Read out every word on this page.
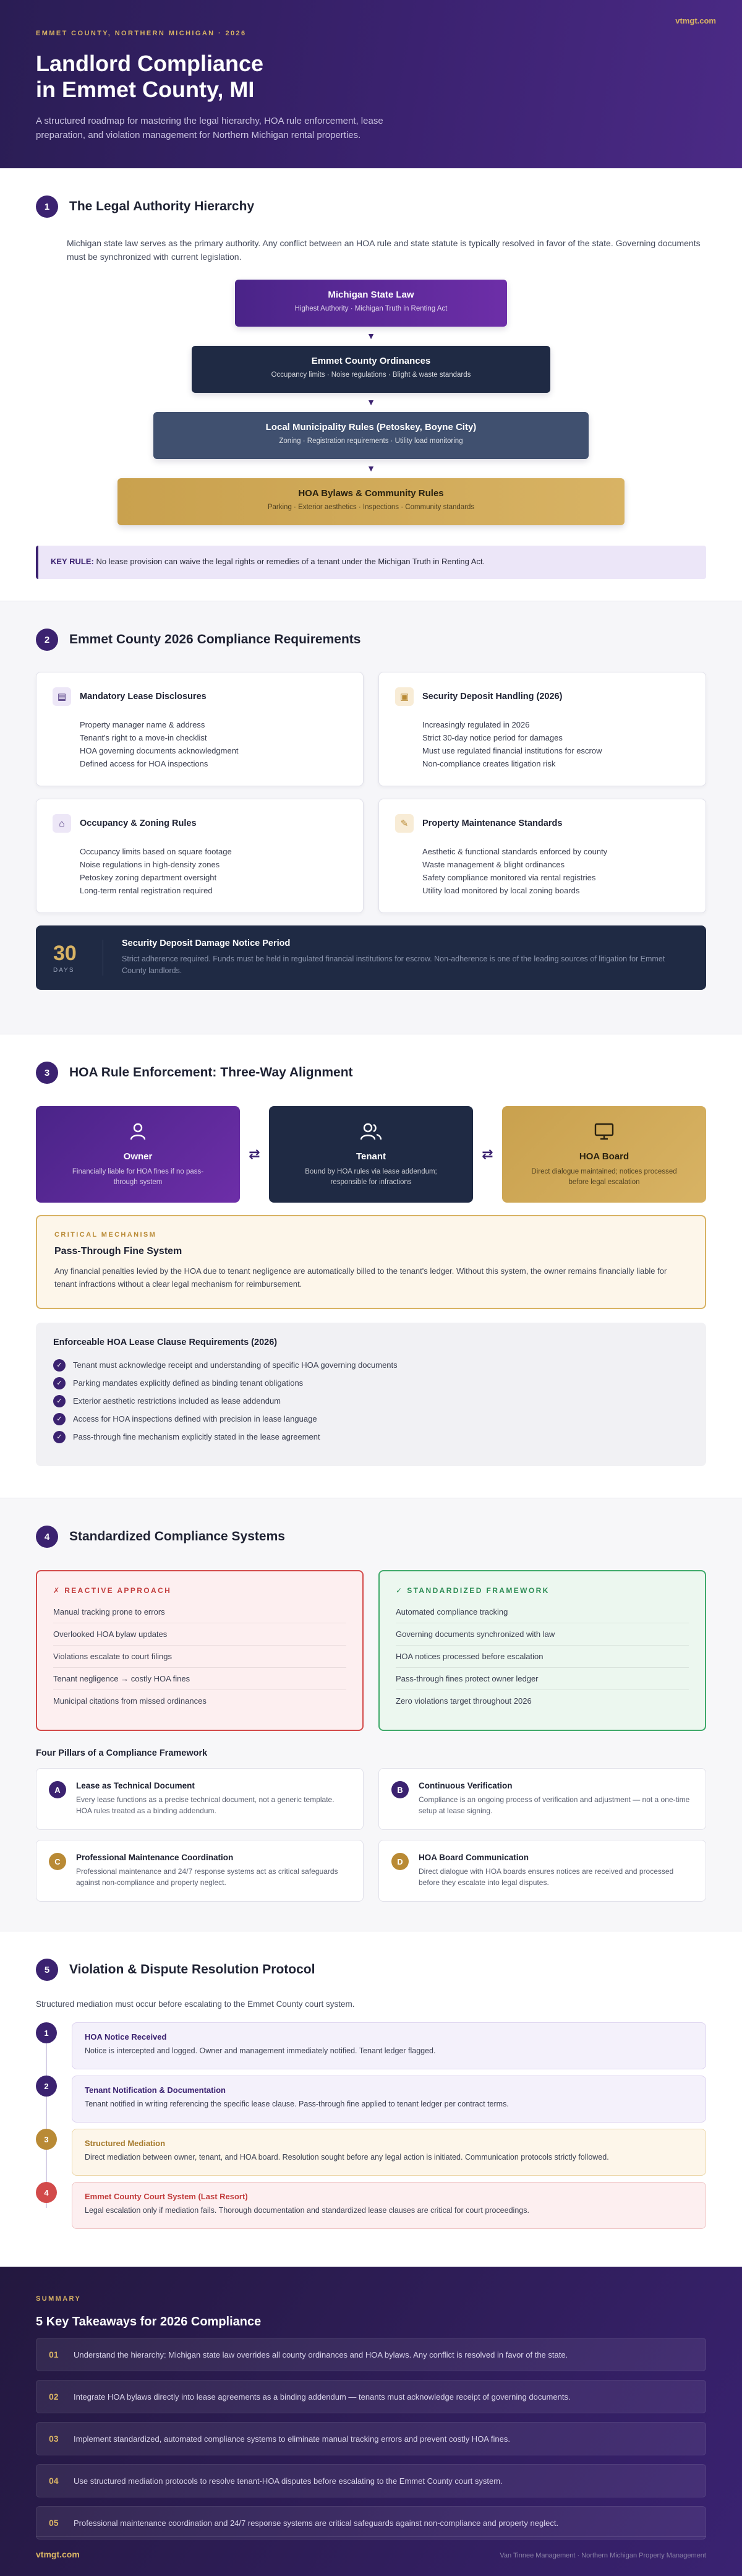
EMMET COUNTY, NORTHERN MICHIGAN · 2026
vtmgt.com
Landlord Compliance
in Emmet County, MI

A structured roadmap for mastering the legal hierarchy, HOA rule enforcement, lease preparation, and violation management for Northern Michigan rental properties.

1	The Legal Authority Hierarchy
Michigan state law serves as the primary authority. Any conflict between an HOA rule and state statute is typically resolved in favor of the state. Governing documents must be synchronized with current legislation.
Michigan State Law
Highest Authority · Michigan Truth in Renting Act
▼
Emmet County Ordinances
Occupancy limits · Noise regulations · Blight & waste standards
▼
Local Municipality Rules (Petoskey, Boyne City)
Zoning · Registration requirements · Utility load monitoring
▼
HOA Bylaws & Community Rules
Parking · Exterior aesthetics · Inspections · Community standards
KEY RULE: No lease provision can waive the legal rights or remedies of a tenant under the Michigan Truth in Renting Act.
2	Emmet County 2026 Compliance Requirements
▤	Mandatory Lease Disclosures
Property manager name & address
Tenant's right to a move-in checklist
HOA governing documents acknowledgment
Defined access for HOA inspections
▣	Security Deposit Handling (2026)
Increasingly regulated in 2026
Strict 30-day notice period for damages
Must use regulated financial institutions for escrow
Non-compliance creates litigation risk
⌂	Occupancy & Zoning Rules
Occupancy limits based on square footage
Noise regulations in high-density zones
Petoskey zoning department oversight
Long-term rental registration required
✎	Property Maintenance Standards
Aesthetic & functional standards enforced by county
Waste management & blight ordinances
Safety compliance monitored via rental registries
Utility load monitored by local zoning boards
30
DAYS
Security Deposit Damage Notice Period
Strict adherence required. Funds must be held in regulated financial institutions for escrow. Non-adherence is one of the leading sources of litigation for Emmet County landlords.
3	HOA Rule Enforcement: Three-Way Alignment
Owner
Financially liable for HOA fines if no pass-through system
⇄	Tenant
Bound by HOA rules via lease addendum; responsible for infractions
⇄	HOA Board
Direct dialogue maintained; notices processed before legal escalation
CRITICAL MECHANISM
Pass-Through Fine System
Any financial penalties levied by the HOA due to tenant negligence are automatically billed to the tenant's ledger. Without this system, the owner remains financially liable for tenant infractions without a clear legal mechanism for reimbursement.
Enforceable HOA Lease Clause Requirements (2026)
✓	Tenant must acknowledge receipt and understanding of specific HOA governing documents
✓	Parking mandates explicitly defined as binding tenant obligations
✓	Exterior aesthetic restrictions included as lease addendum
✓	Access for HOA inspections defined with precision in lease language
✓	Pass-through fine mechanism explicitly stated in the lease agreement
4	Standardized Compliance Systems
✗ REACTIVE APPROACH
Manual tracking prone to errors
Overlooked HOA bylaw updates
Violations escalate to court filings
Tenant negligence → costly HOA fines
Municipal citations from missed ordinances
✓ STANDARDIZED FRAMEWORK
Automated compliance tracking
Governing documents synchronized with law
HOA notices processed before escalation
Pass-through fines protect owner ledger
Zero violations target throughout 2026
Four Pillars of a Compliance Framework
A	Lease as Technical Document
Every lease functions as a precise technical document, not a generic template. HOA rules treated as a binding addendum.
B	Continuous Verification
Compliance is an ongoing process of verification and adjustment — not a one-time setup at lease signing.
C	Professional Maintenance Coordination
Professional maintenance and 24/7 response systems act as critical safeguards against non-compliance and property neglect.
D	HOA Board Communication
Direct dialogue with HOA boards ensures notices are received and processed before they escalate into legal disputes.
5	Violation & Dispute Resolution Protocol
Structured mediation must occur before escalating to the Emmet County court system.
1	HOA Notice Received
Notice is intercepted and logged. Owner and management immediately notified. Tenant ledger flagged.
2	Tenant Notification & Documentation
Tenant notified in writing referencing the specific lease clause. Pass-through fine applied to tenant ledger per contract terms.
3	Structured Mediation
Direct mediation between owner, tenant, and HOA board. Resolution sought before any legal action is initiated. Communication protocols strictly followed.
4	Emmet County Court System (Last Resort)
Legal escalation only if mediation fails. Thorough documentation and standardized lease clauses are critical for court proceedings.
SUMMARY
5 Key Takeaways for 2026 Compliance
01	Understand the hierarchy: Michigan state law overrides all county ordinances and HOA bylaws. Any conflict is resolved in favor of the state.
02	Integrate HOA bylaws directly into lease agreements as a binding addendum — tenants must acknowledge receipt of governing documents.
03	Implement standardized, automated compliance systems to eliminate manual tracking errors and prevent costly HOA fines.
04	Use structured mediation protocols to resolve tenant-HOA disputes before escalating to the Emmet County court system.
05	Professional maintenance coordination and 24/7 response systems are critical safeguards against non-compliance and property neglect.
vtmgt.com	Van Tinnee Management · Northern Michigan Property Management
